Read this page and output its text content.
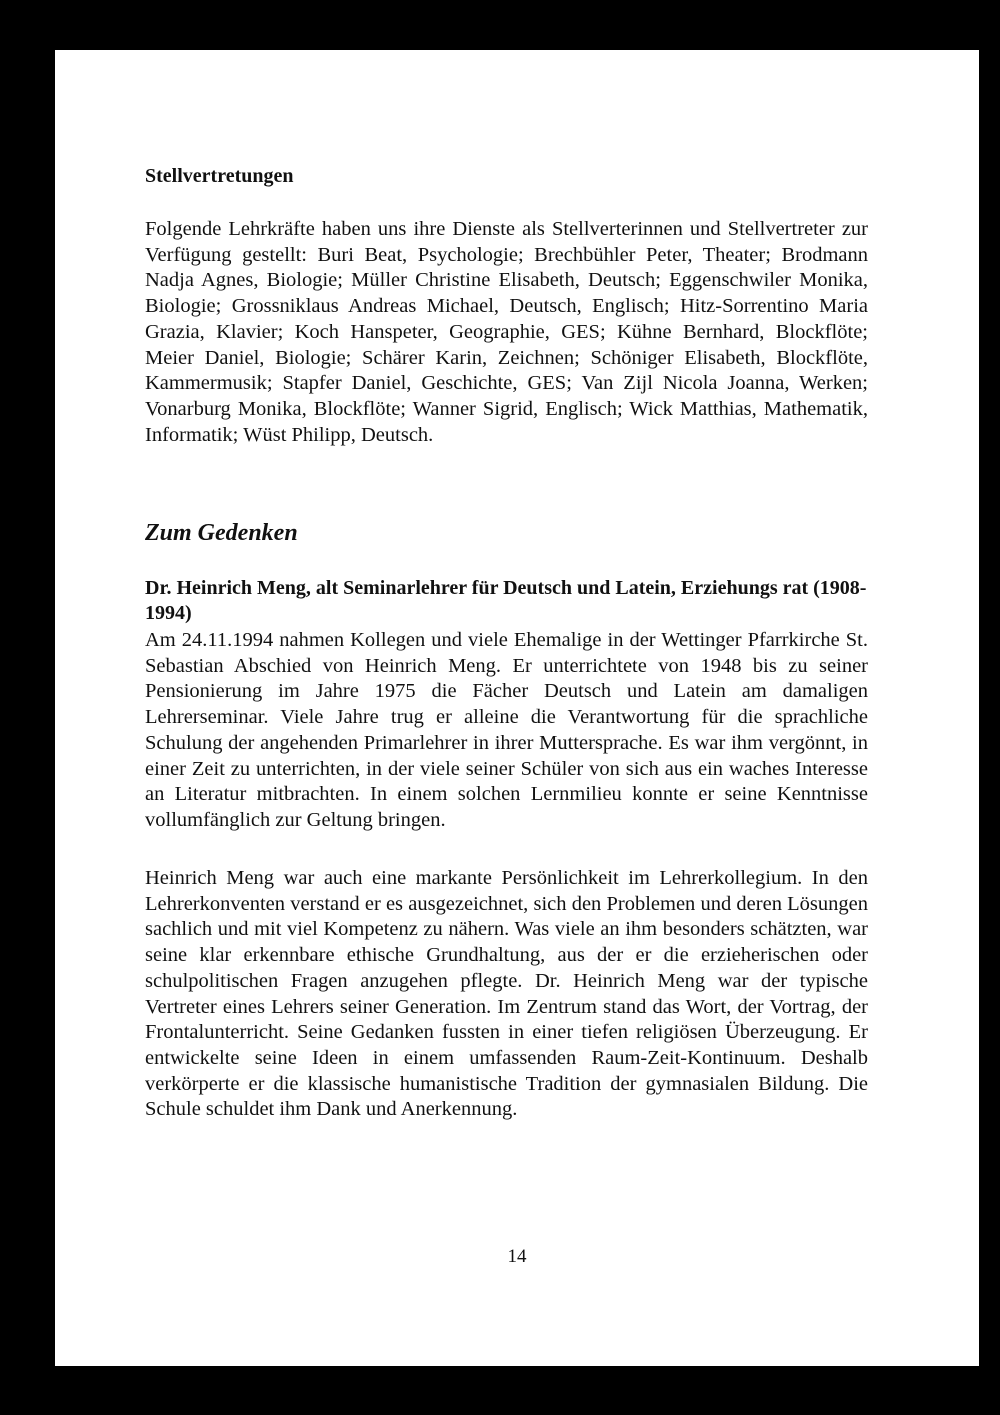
Stellvertretungen

Folgende Lehrkräfte haben uns ihre Dienste als Stellverterinnen und Stellvertreter zur Verfügung gestellt: Buri Beat, Psychologie; Brechbühler Peter, Theater; Brodmann Nadja Agnes, Biologie; Müller Christine Elisabeth, Deutsch; Eggenschwiler Monika, Biologie; Grossniklaus Andreas Michael, Deutsch, Englisch; Hitz-Sorrentino Maria Grazia, Klavier; Koch Hanspeter, Geographie, GES; Kühne Bernhard, Blockflöte; Meier Daniel, Biologie; Schärer Karin, Zeichnen; Schöniger Elisabeth, Blockflöte, Kammermusik; Stapfer Daniel, Geschichte, GES; Van Zijl Nicola Joanna, Werken; Vonarburg Monika, Blockflöte; Wanner Sigrid, Englisch; Wick Matthias, Mathematik, Informatik; Wüst Philipp, Deutsch.

Zum Gedenken
Dr. Heinrich Meng, alt Seminarlehrer für Deutsch und Latein, Erziehungs rat (1908-1994)

Am 24.11.1994 nahmen Kollegen und viele Ehemalige in der Wettinger Pfarrkirche St. Sebastian Abschied von Heinrich Meng. Er unterrichtete von 1948 bis zu seiner Pensionierung im Jahre 1975 die Fächer Deutsch und Latein am damaligen Lehrerseminar. Viele Jahre trug er alleine die Verantwortung für die sprachliche Schulung der angehenden Primarlehrer in ihrer Muttersprache. Es war ihm vergönnt, in einer Zeit zu unterrichten, in der viele seiner Schüler von sich aus ein waches Interesse an Literatur mitbrachten. In einem solchen Lernmilieu konnte er seine Kenntnisse vollumfänglich zur Geltung bringen.

Heinrich Meng war auch eine markante Persönlichkeit im Lehrerkollegium. In den Lehrerkonventen verstand er es ausgezeichnet, sich den Problemen und deren Lösungen sachlich und mit viel Kompetenz zu nähern. Was viele an ihm besonders schätzten, war seine klar erkennbare ethische Grundhaltung, aus der er die erzieherischen oder schulpolitischen Fragen anzugehen pflegte. Dr. Heinrich Meng war der typische Vertreter eines Lehrers seiner Generation. Im Zentrum stand das Wort, der Vortrag, der Frontalunterricht. Seine Gedanken fussten in einer tiefen religiösen Überzeugung. Er entwickelte seine Ideen in einem umfassenden Raum-Zeit-Kontinuum. Deshalb verkörperte er die klassische humanistische Tradition der gymnasialen Bildung. Die Schule schuldet ihm Dank und Anerkennung.

14
